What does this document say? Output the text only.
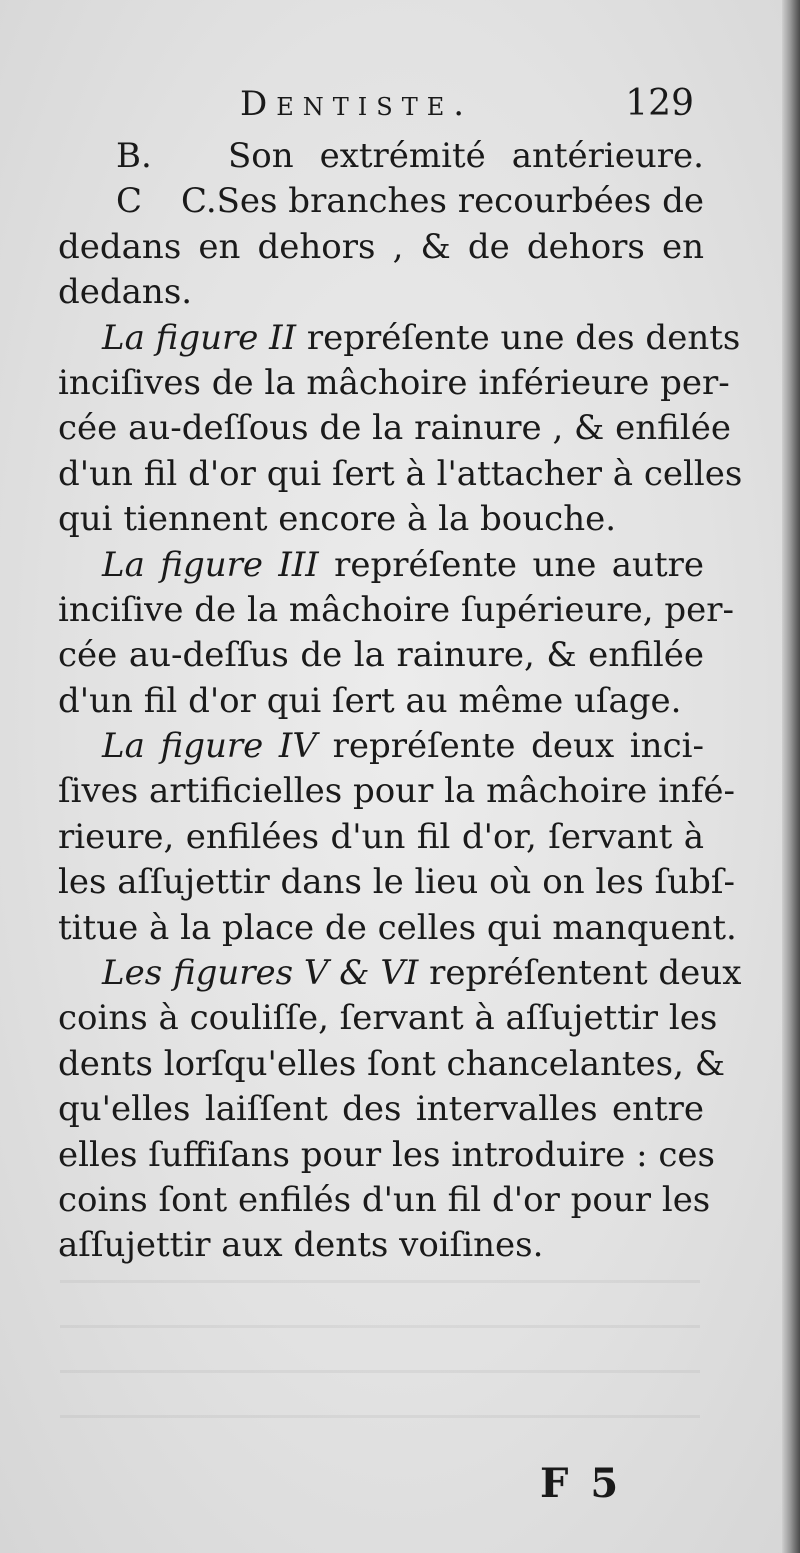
Dentiste.	129
B.	Son extrémité antérieure.
C C. Ses branches recourbées de
dedans en dehors , & de dehors en
dedans.
La figure II repréſente une des dents
inciſives de la mâchoire inférieure per-
cée au-deſſous de la rainure , & enfilée
d'un fil d'or qui ſert à l'attacher à celles
qui tiennent encore à la bouche.
La figure III repréſente une autre
inciſive de la mâchoire ſupérieure, per-
cée au-deſſus de la rainure, & enfilée
d'un fil d'or qui ſert au même uſage.
La figure IV repréſente deux inci-
ſives artificielles pour la mâchoire infé-
rieure, enfilées d'un fil d'or, ſervant à
les aſſujettir dans le lieu où on les ſubſ-
titue à la place de celles qui manquent.
Les figures V & VI repréſentent deux
coins à couliſſe, ſervant à aſſujettir les
dents lorſqu'elles ſont chancelantes, &
qu'elles laiſſent des intervalles entre
elles ſuffiſans pour les introduire : ces
coins ſont enfilés d'un fil d'or pour les
aſſujettir aux dents voiſines.
F 5
